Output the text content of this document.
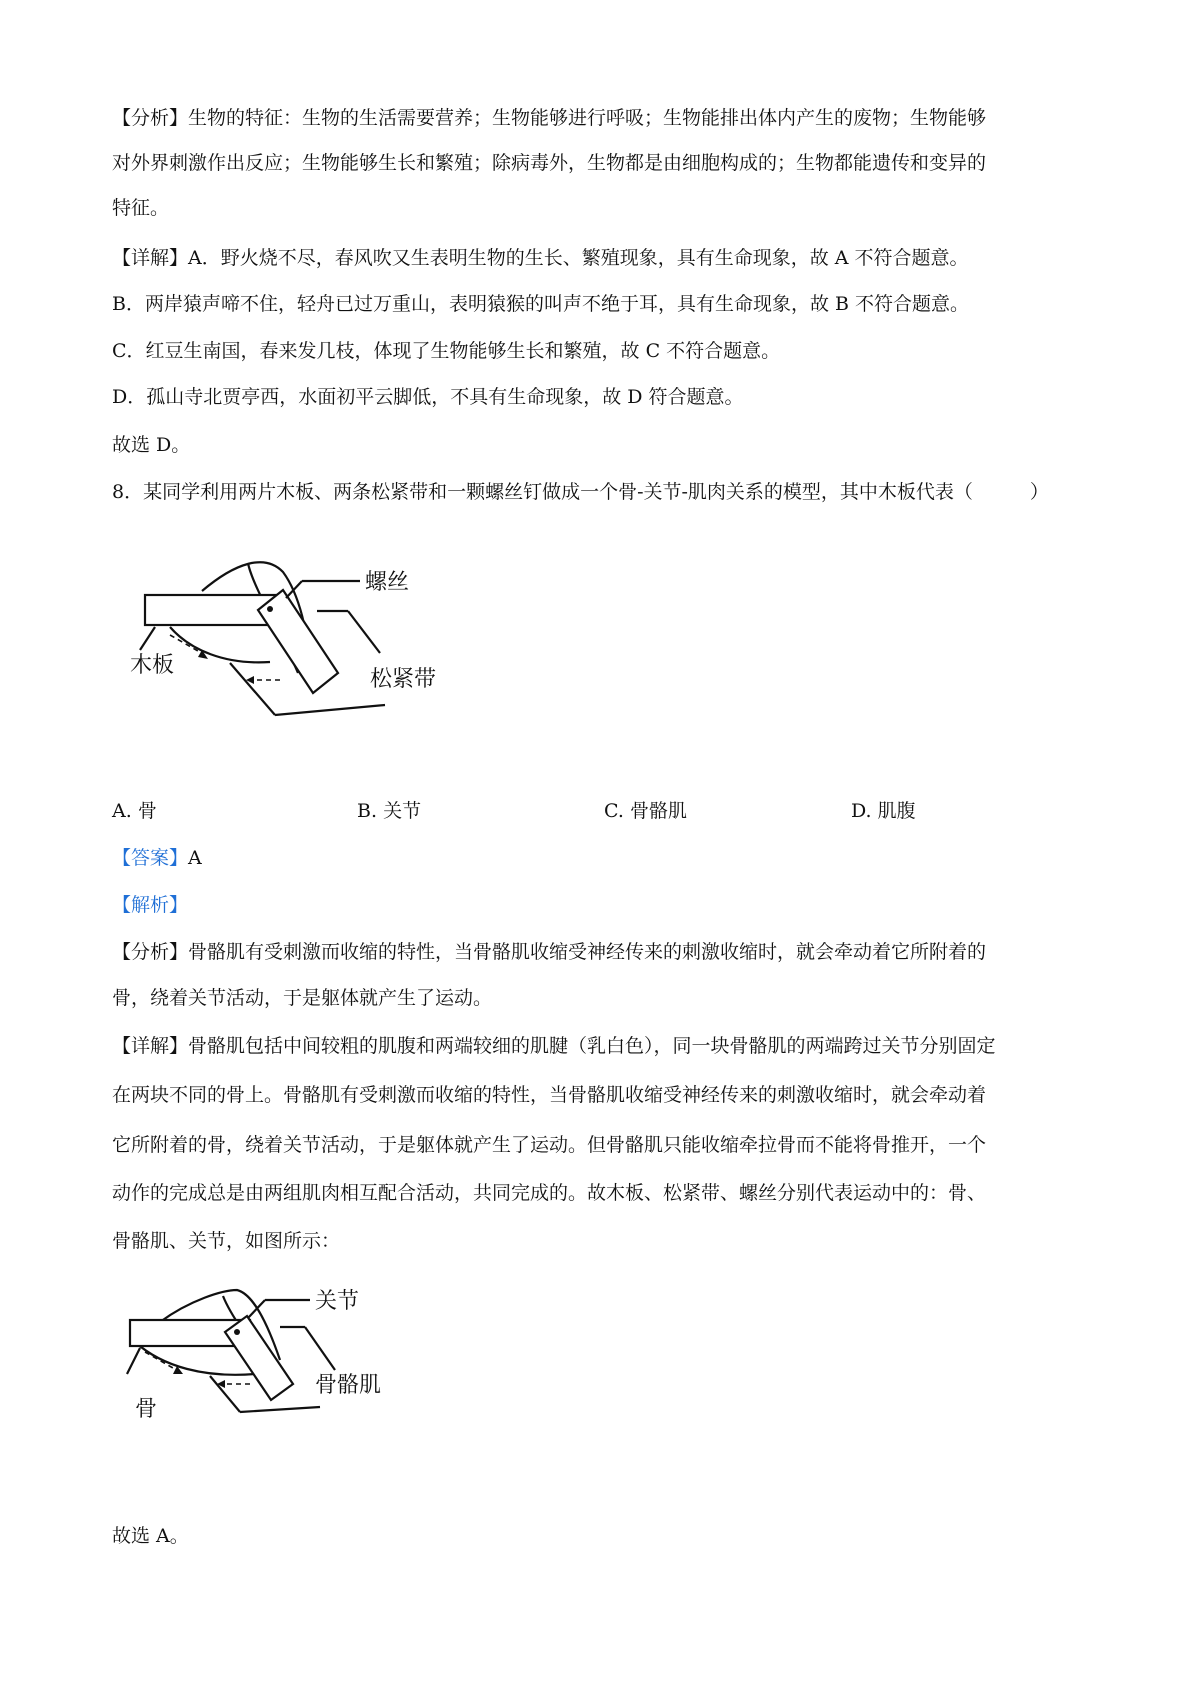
【分析】生物的特征：生物的生活需要营养；生物能够进行呼吸；生物能排出体内产生的废物；生物能够
对外界刺激作出反应；生物能够生长和繁殖；除病毒外，生物都是由细胞构成的；生物都能遗传和变异的
特征。
【详解】A．野火烧不尽，春风吹又生表明生物的生长、繁殖现象，具有生命现象，故 A 不符合题意。
B．两岸猿声啼不住，轻舟已过万重山，表明猿猴的叫声不绝于耳，具有生命现象，故 B 不符合题意。
C．红豆生南国，春来发几枝，体现了生物能够生长和繁殖，故 C 不符合题意。
D．孤山寺北贾亭西，水面初平云脚低，不具有生命现象，故 D 符合题意。
故选 D。
8．某同学利用两片木板、两条松紧带和一颗螺丝钉做成一个骨-关节-肌肉关系的模型，其中木板代表（　　　）
螺丝
木板
松紧带
A. 骨	B. 关节	C. 骨骼肌	D. 肌腹
【答案】A
【解析】
【分析】骨骼肌有受刺激而收缩的特性，当骨骼肌收缩受神经传来的刺激收缩时，就会牵动着它所附着的
骨，绕着关节活动，于是躯体就产生了运动。
【详解】骨骼肌包括中间较粗的肌腹和两端较细的肌腱（乳白色），同一块骨骼肌的两端跨过关节分别固定
在两块不同的骨上。骨骼肌有受刺激而收缩的特性，当骨骼肌收缩受神经传来的刺激收缩时，就会牵动着
它所附着的骨，绕着关节活动，于是躯体就产生了运动。但骨骼肌只能收缩牵拉骨而不能将骨推开，一个
动作的完成总是由两组肌肉相互配合活动，共同完成的。故木板、松紧带、螺丝分别代表运动中的：骨、
骨骼肌、关节，如图所示：
关节
骨
骨骼肌
故选 A。
